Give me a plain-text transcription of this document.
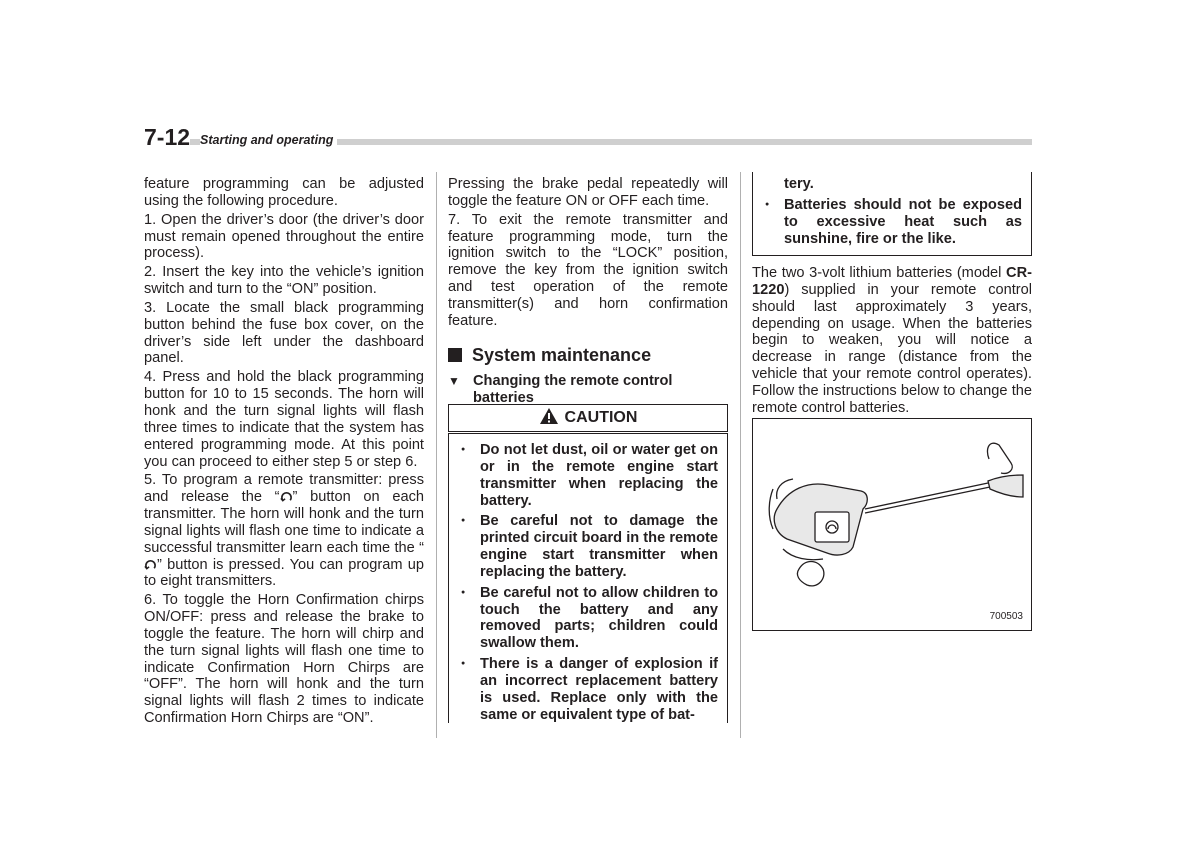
7-12 Starting and operating

feature programming can be adjusted using the following procedure.

1. Open the driver’s door (the driver’s door must remain opened throughout the entire process).

2. Insert the key into the vehicle’s ignition switch and turn to the “ON” position.

3. Locate the small black programming button behind the fuse box cover, on the driver’s side left under the dashboard panel.

4. Press and hold the black programming button for 10 to 15 seconds. The horn will honk and the turn signal lights will flash three times to indicate that the system has entered programming mode. At this point you can proceed to either step 5 or step 6.

5. To program a remote transmitter: press and release the “ ” button on each transmitter. The horn will honk and the turn signal lights will flash one time to indicate a successful transmitter learn each time the “” button is pressed. You can program up to eight transmitters.

6. To toggle the Horn Confirmation chirps ON/OFF: press and release the brake to toggle the feature. The horn will chirp and the turn signal lights will flash one time to indicate Confirmation Horn Chirps are “OFF”. The horn will honk and the turn signal lights will flash 2 times to indicate Confirmation Horn Chirps are “ON”.

Pressing the brake pedal repeatedly will toggle the feature ON or OFF each time.

7. To exit the remote transmitter and feature programming mode, turn the ignition switch to the “LOCK” position, remove the key from the ignition switch and test operation of the remote transmitter(s) and horn confirmation feature.

System maintenance
▼ Changing the remote control batteries
CAUTION
● Do not let dust, oil or water get on or in the remote engine start transmitter when replacing the battery.
● Be careful not to damage the printed circuit board in the remote engine start transmitter when replacing the battery.
● Be careful not to allow children to touch the battery and any removed parts; children could swallow them.
● There is a danger of explosion if an incorrect replacement battery is used. Replace only with the same or equivalent type of bat-
tery.
● Batteries should not be exposed to excessive heat such as sunshine, fire or the like.

The two 3-volt lithium batteries (model CR-1220) supplied in your remote control should last approximately 3 years, depending on usage. When the batteries begin to weaken, you will notice a decrease in range (distance from the vehicle that your remote control operates). Follow the instructions below to change the remote control batteries.

700503
